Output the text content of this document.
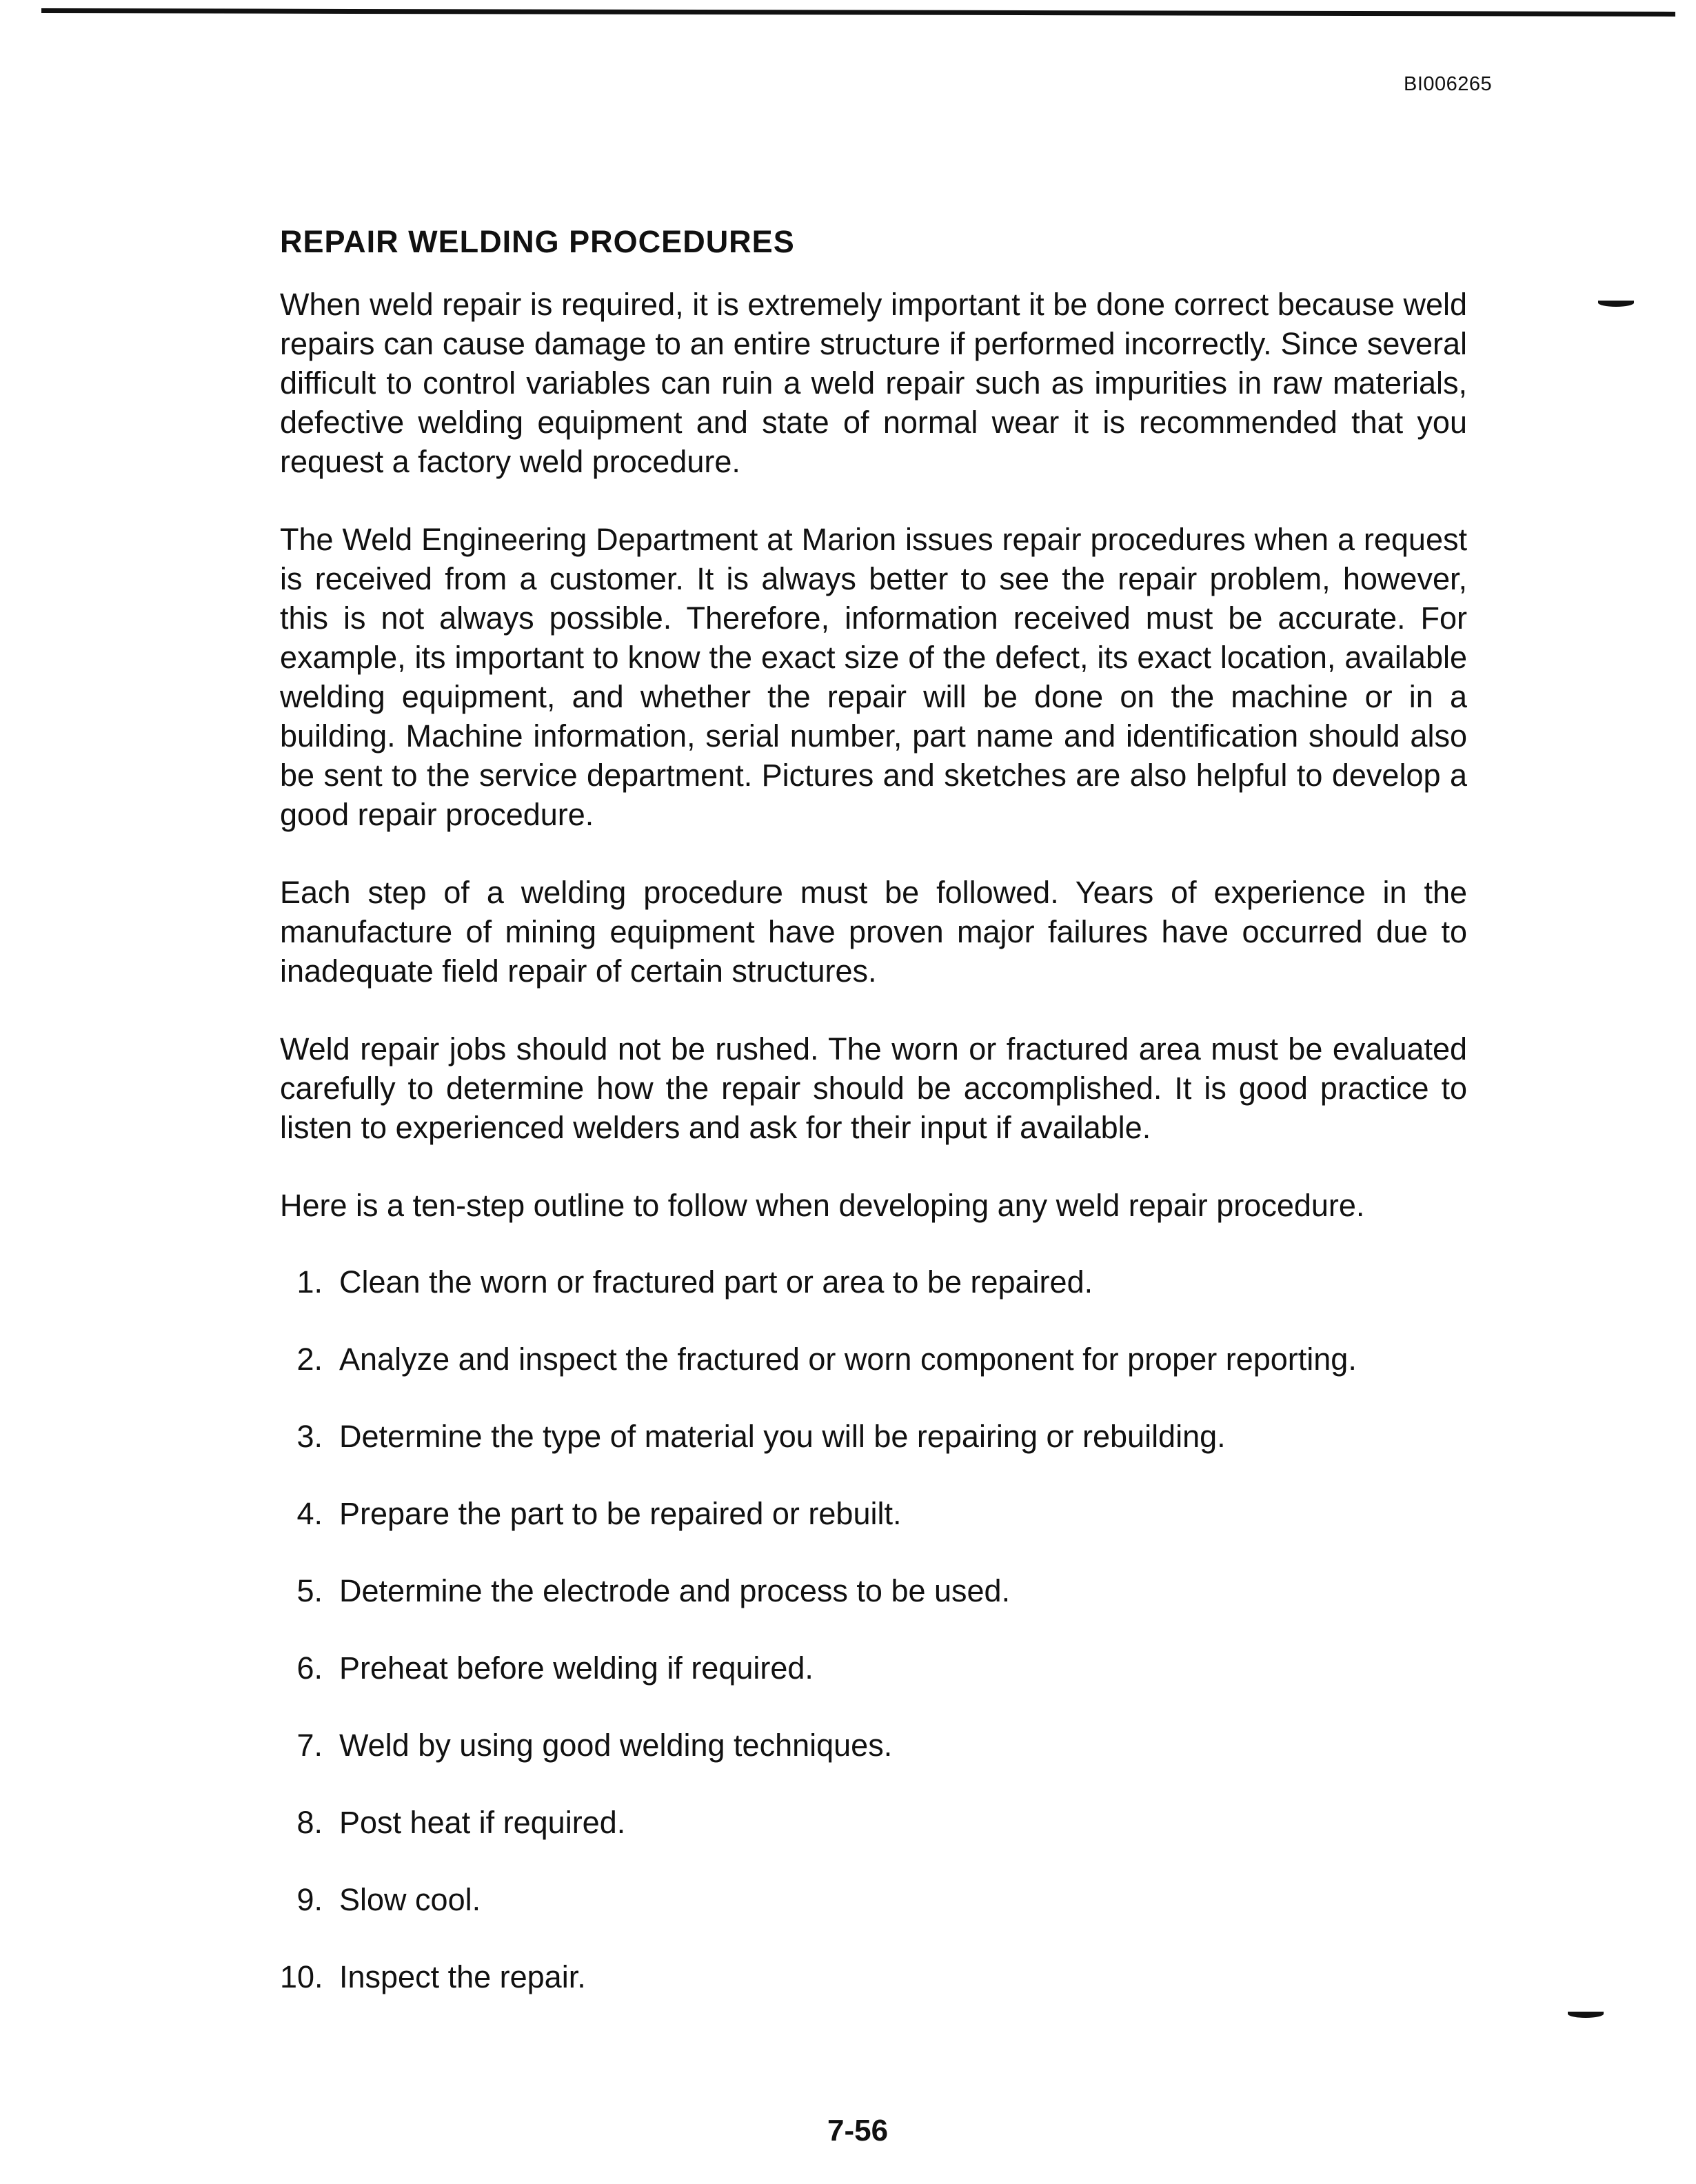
BI006265
REPAIR WELDING PROCEDURES

When weld repair is required, it is extremely important it be done correct because weld repairs can cause damage to an entire structure if performed incorrectly. Since several difficult to control variables can ruin a weld repair such as impurities in raw materials, defective welding equipment and state of normal wear it is recommended that you request a factory weld procedure.

The Weld Engineering Department at Marion issues repair procedures when a request is received from a customer. It is always better to see the repair problem, however, this is not always possible. Therefore, information received must be accurate. For example, its important to know the exact size of the defect, its exact location, available welding equipment, and whether the repair will be done on the machine or in a building. Machine information, serial number, part name and identification should also be sent to the service department. Pictures and sketches are also helpful to develop a good repair procedure.

Each step of a welding procedure must be followed. Years of experience in the manufacture of mining equipment have proven major failures have occurred due to inadequate field repair of certain structures.

Weld repair jobs should not be rushed. The worn or fractured area must be evaluated carefully to determine how the repair should be accomplished. It is good practice to listen to experienced welders and ask for their input if available.

Here is a ten-step outline to follow when developing any weld repair procedure.

1. Clean the worn or fractured part or area to be repaired.
2. Analyze and inspect the fractured or worn component for proper reporting.
3. Determine the type of material you will be repairing or rebuilding.
4. Prepare the part to be repaired or rebuilt.
5. Determine the electrode and process to be used.
6. Preheat before welding if required.
7. Weld by using good welding techniques.
8. Post heat if required.
9. Slow cool.
10. Inspect the repair.
7-56
